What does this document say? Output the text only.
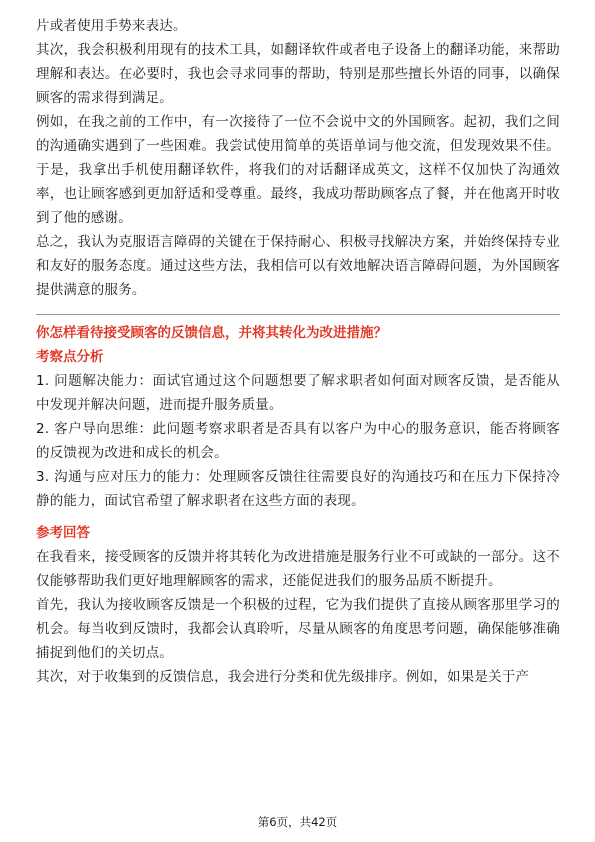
片或者使用手势来表达。

其次，我会积极利用现有的技术工具，如翻译软件或者电子设备上的翻译功能，来帮助理解和表达。在必要时，我也会寻求同事的帮助，特别是那些擅长外语的同事，以确保顾客的需求得到满足。

例如，在我之前的工作中，有一次接待了一位不会说中文的外国顾客。起初，我们之间的沟通确实遇到了一些困难。我尝试使用简单的英语单词与他交流，但发现效果不佳。于是，我拿出手机使用翻译软件，将我们的对话翻译成英文，这样不仅加快了沟通效率，也让顾客感到更加舒适和受尊重。最终，我成功帮助顾客点了餐，并在他离开时收到了他的感谢。

总之，我认为克服语言障碍的关键在于保持耐心、积极寻找解决方案，并始终保持专业和友好的服务态度。通过这些方法，我相信可以有效地解决语言障碍问题，为外国顾客提供满意的服务。

你怎样看待接受顾客的反馈信息，并将其转化为改进措施？

考察点分析

1. 问题解决能力：面试官通过这个问题想要了解求职者如何面对顾客反馈，是否能从中发现并解决问题，进而提升服务质量。

2. 客户导向思维：此问题考察求职者是否具有以客户为中心的服务意识，能否将顾客的反馈视为改进和成长的机会。

3. 沟通与应对压力的能力：处理顾客反馈往往需要良好的沟通技巧和在压力下保持冷静的能力，面试官希望了解求职者在这些方面的表现。

参考回答

在我看来，接受顾客的反馈并将其转化为改进措施是服务行业不可或缺的一部分。这不仅能够帮助我们更好地理解顾客的需求，还能促进我们的服务品质不断提升。

首先，我认为接收顾客反馈是一个积极的过程，它为我们提供了直接从顾客那里学习的机会。每当收到反馈时，我都会认真聆听，尽量从顾客的角度思考问题，确保能够准确捕捉到他们的关切点。

其次，对于收集到的反馈信息，我会进行分类和优先级排序。例如，如果是关于产

第6页，共42页
